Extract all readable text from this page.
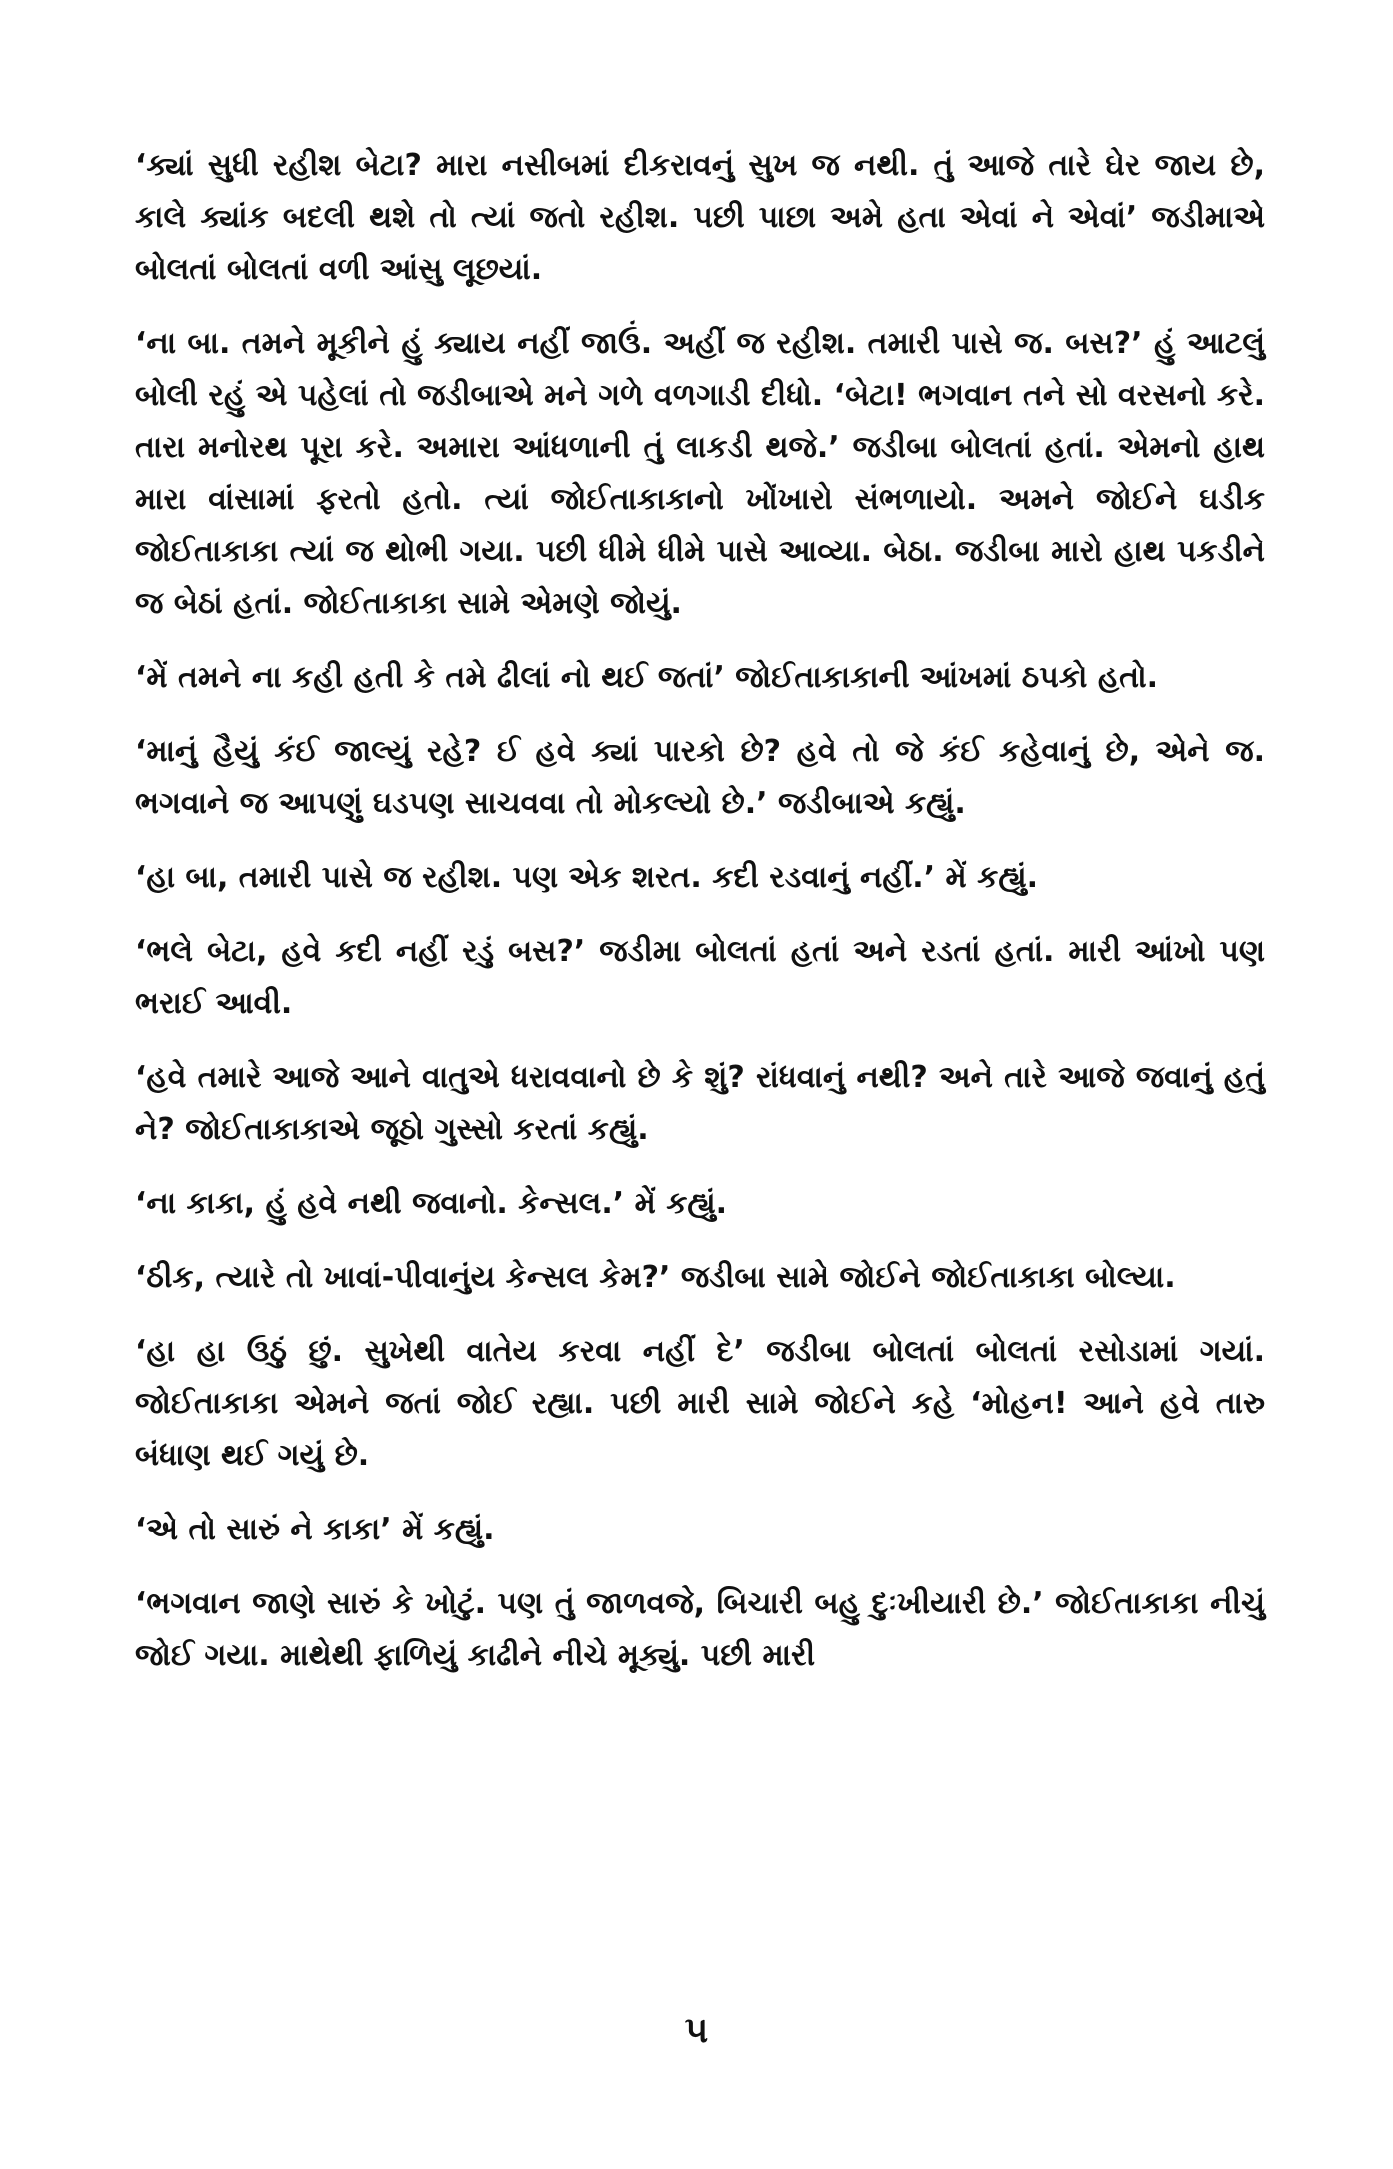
‘ક્યાં સુધી રહીશ બેટા? મારા નસીબમાં દીકરાવનું સુખ જ નથી. તું આજે તારે ઘેર જાય છે, કાલે ક્યાંક બદલી થશે તો ત્યાં જતો રહીશ. પછી પાછા અમે હતા એવાં ને એવાં’ જડીમાએ બોલતાં બોલતાં વળી આંસુ લૂછયાં.

‘ના બા. તમને મૂકીને હું ક્યાય નહીં જાઉં. અહીં જ રહીશ. તમારી પાસે જ. બસ?’ હું આટલું બોલી રહું એ પહેલાં તો જડીબાએ મને ગળે વળગાડી દીધો. ‘બેટા! ભગવાન તને સો વરસનો કરે. તારા મનોરથ પૂરા કરે. અમારા આંધળાની તું લાકડી થજે.’ જડીબા બોલતાં હતાં. એમનો હાથ મારા વાંસામાં ફરતો હતો. ત્યાં જોઈતાકાકાનો ખોંખારો સંભળાયો. અમને જોઈને ઘડીક જોઈતાકાકા ત્યાં જ થોભી ગયા. પછી ધીમે ધીમે પાસે આવ્યા. બેઠા. જડીબા મારો હાથ પકડીને જ બેઠાં હતાં. જોઈતાકાકા સામે એમણે જોયું.

‘મેં તમને ના કહી હતી કે તમે ઢીલાં નો થઈ જતાં’ જોઈતાકાકાની આંખમાં ઠપકો હતો.

‘માનું હૈયું કંઈ જાલ્યું રહે? ઈ હવે ક્યાં પારકો છે? હવે તો જે કંઈ કહેવાનું છે, એને જ. ભગવાને જ આપણું ઘડપણ સાચવવા તો મોકલ્યો છે.’ જડીબાએ કહ્યું.

‘હા બા, તમારી પાસે જ રહીશ. પણ એક શરત. કદી રડવાનું નહીં.’ મેં કહ્યું.

‘ભલે બેટા, હવે કદી નહીં રડું બસ?’ જડીમા બોલતાં હતાં અને રડતાં હતાં. મારી આંખો પણ ભરાઈ આવી.

‘હવે તમારે આજે આને વાતુએ ધરાવવાનો છે કે શું? રાંધવાનું નથી? અને તારે આજે જવાનું હતું ને? જોઈતાકાકાએ જૂઠો ગુસ્સો કરતાં કહ્યું.

‘ના કાકા, હું હવે નથી જવાનો. કેન્સલ.’ મેં કહ્યું.

‘ઠીક, ત્યારે તો ખાવાં-પીવાનુંય કેન્સલ કેમ?’ જડીબા સામે જોઈને જોઈતાકાકા બોલ્યા.

‘હા હા ઉઠું છું. સુખેથી વાતેય કરવા નહીં દે’ જડીબા બોલતાં બોલતાં રસોડામાં ગયાં. જોઈતાકાકા એમને જતાં જોઈ રહ્યા. પછી મારી સામે જોઈને કહે ‘મોહન! આને હવે તારુ બંધાણ થઈ ગયું છે.

‘એ તો સારું ને કાકા’ મેં કહ્યું.

‘ભગવાન જાણે સારું કે ખોટું. પણ તું જાળવજે, બિચારી બહુ દુઃખીયારી છે.’ જોઈતાકાકા નીચું જોઈ ગયા. માથેથી ફાળિયું કાઢીને નીચે મૂક્યું. પછી મારી

૫
